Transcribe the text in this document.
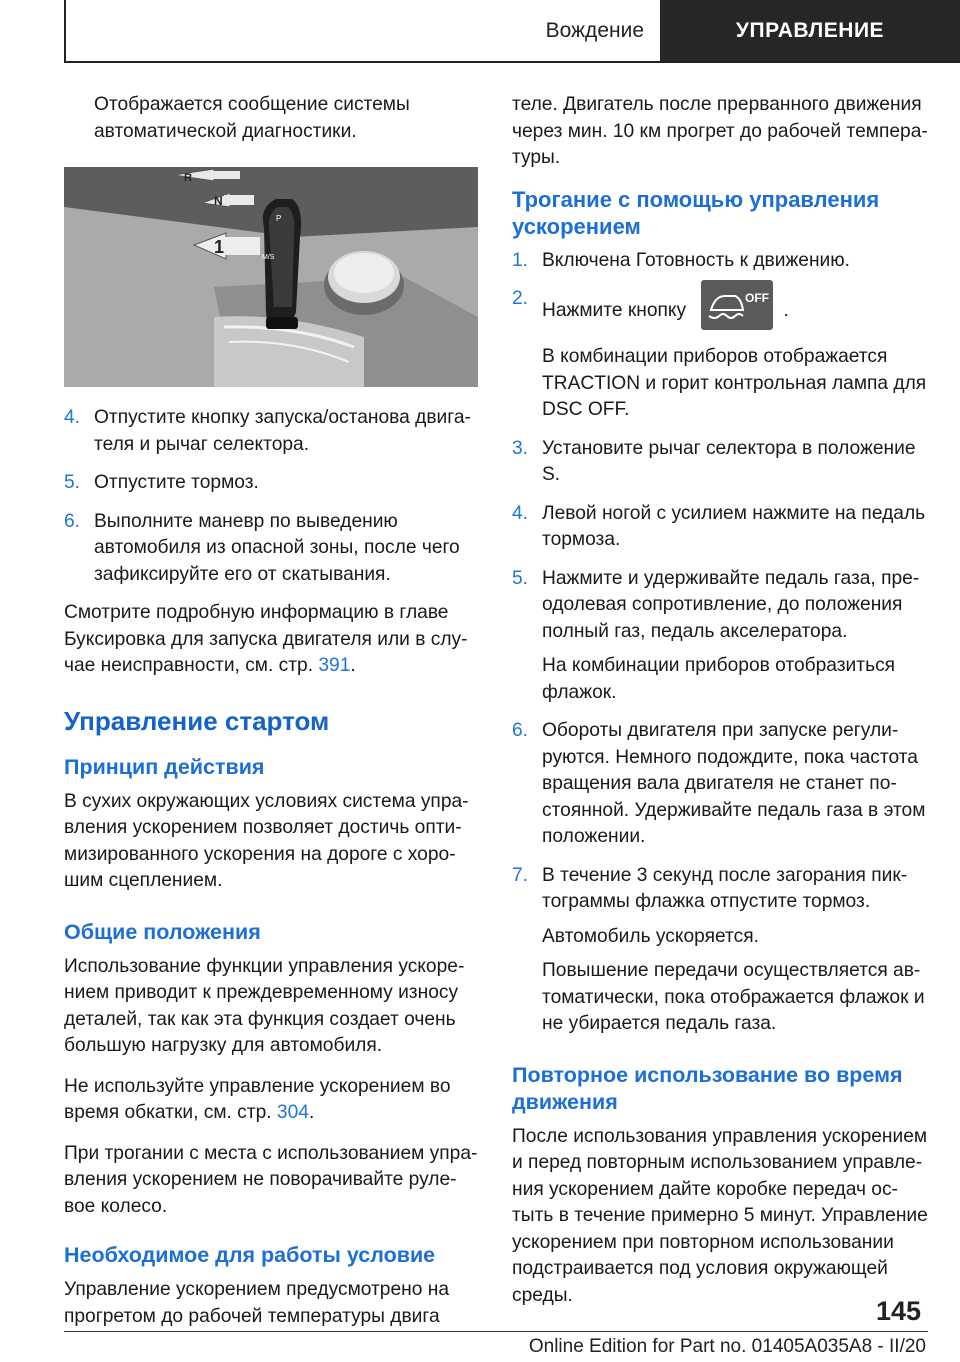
Вождение	УПРАВЛЕНИЕ

Отображается сообщение системы автоматической диагностики.

M/S
P
R
N
1
4. Отпустите кнопку запуска/останова двигателя и рычаг селектора.
5. Отпустите тормоз.
6. Выполните маневр по выведению автомобиля из опасной зоны, после чего зафиксируйте его от скатывания.

Смотрите подробную информацию в главе Буксировка для запуска двигателя или в случае неисправности, см. стр. 391.

Управление стартом
Принцип действия

В сухих окружающих условиях система управления ускорением позволяет достичь оптимизированного ускорения на дороге с хорошим сцеплением.

Общие положения

Использование функции управления ускорением приводит к преждевременному износу деталей, так как эта функция создает очень большую нагрузку для автомобиля.

Не используйте управление ускорением во время обкатки, см. стр. 304.

При трогании с места с использованием управления ускорением не поворачивайте рулевое колесо.

Необходимое для работы условие

Управление ускорением предусмотрено на прогретом до рабочей температуры двига

теле. Двигатель после прерванного движения через мин. 10 км прогрет до рабочей температуры.

Трогание с помощью управления ускорением
1. Включена Готовность к движению.
2.
Нажмите кнопку
OFF
.
В комбинации приборов отображается TRACTION и горит контрольная лампа для DSC OFF.
3. Установите рычаг селектора в положение S.
4. Левой ногой с усилием нажмите на педаль тормоза.
5. Нажмите и удерживайте педаль газа, преодолевая сопротивление, до положения полный газ, педаль акселератора.
На комбинации приборов отобразиться флажок.
6. Обороты двигателя при запуске регулируются. Немного подождите, пока частота вращения вала двигателя не станет постоянной. Удерживайте педаль газа в этом положении.
7. В течение 3 секунд после загорания пиктограммы флажка отпустите тормоз.
Автомобиль ускоряется.
Повышение передачи осуществляется автоматически, пока отображается флажок и не убирается педаль газа.
Повторное использование во время движения

После использования управления ускорением и перед повторным использованием управления ускорением дайте коробке передач остыть в течение примерно 5 минут. Управление ускорением при повторном использовании подстраивается под условия окружающей среды.

145
Online Edition for Part no. 01405A035A8 - II/20
